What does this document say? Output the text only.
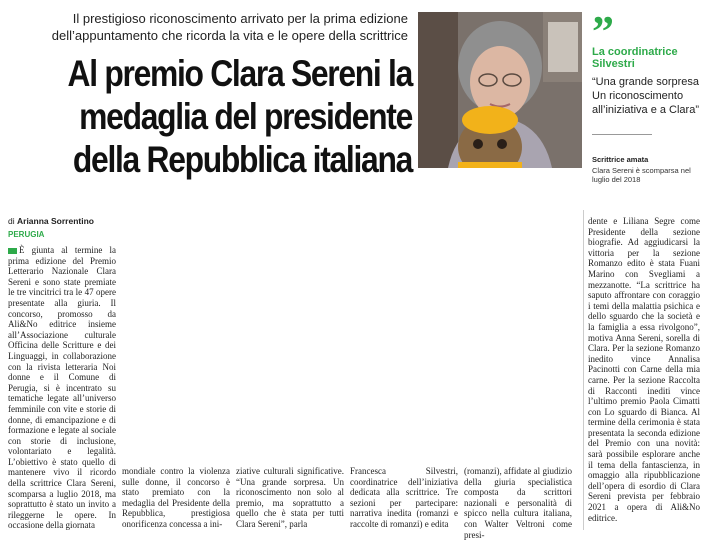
Il prestigioso riconoscimento arrivato per la prima edizione dell’appuntamento che ricorda la vita e le opere della scrittrice
Al premio Clara Sereni la medaglia del presidente della Repubblica italiana
”
La coordinatrice Silvestri
“Una grande sorpresa Un riconoscimento all’iniziativa e a Clara”
Scrittrice amata
Clara Sereni è scomparsa nel luglio del 2018
di Arianna Sorrentino
PERUGIA
È giunta al termine la prima edizione del Premio Letterario Nazionale Clara Sereni e sono state premiate le tre vincitrici tra le 47 opere presentate alla giuria. Il concorso, promosso da Ali&No editrice insieme all’Associazione culturale Officina delle Scritture e dei Linguaggi, in collaborazione con la rivista letteraria Noi donne e il Comune di Perugia, si è incentrato su tematiche legate all’universo femminile con vite e storie di donne, di emancipazione e di formazione e legate al sociale con storie di inclusione, volontariato e legalità. L’obiettivo è stato quello di mantenere vivo il ricordo della scrittrice Clara Sereni, scomparsa a luglio 2018, ma soprattutto è stato un invito a rileggerne le opere. In occasione della giornata
mondiale contro la violenza sulle donne, il concorso è stato premiato con la medaglia del Presidente della Repubblica, prestigiosa onorificenza concessa a ini-
ziative culturali significative. “Una grande sorpresa. Un riconoscimento non solo al premio, ma soprattutto a quello che è stata per tutti Clara Sereni”, parla
Francesca Silvestri, coordinatrice dell’iniziativa dedicata alla scrittrice. Tre sezioni per partecipare: narrativa inedita (romanzi e raccolte di romanzi) e edita
(romanzi), affidate al giudizio della giuria specialistica composta da scrittori nazionali e personalità di spicco nella cultura italiana, con Walter Veltroni come presi-
dente e Liliana Segre come Presidente della sezione biografie. Ad aggiudicarsi la vittoria per la sezione Romanzo edito è stata Fuani Marino con Svegliami a mezzanotte. “La scrittrice ha saputo affrontare con coraggio i temi della malattia psichica e dello sguardo che la società e la famiglia a essa rivolgono”, motiva Anna Sereni, sorella di Clara. Per la sezione Romanzo inedito vince Annalisa Pacinotti con Carne della mia carne. Per la sezione Raccolta di Racconti inediti vince l’ultimo premio Paola Cimatti con Lo sguardo di Bianca. Al termine della cerimonia è stata presentata la seconda edizione del Premio con una novità: sarà possibile esplorare anche il tema della fantascienza, in omaggio alla ripubblicazione dell’opera di esordio di Clara Sereni prevista per febbraio 2021 a opera di Ali&No editrice.
